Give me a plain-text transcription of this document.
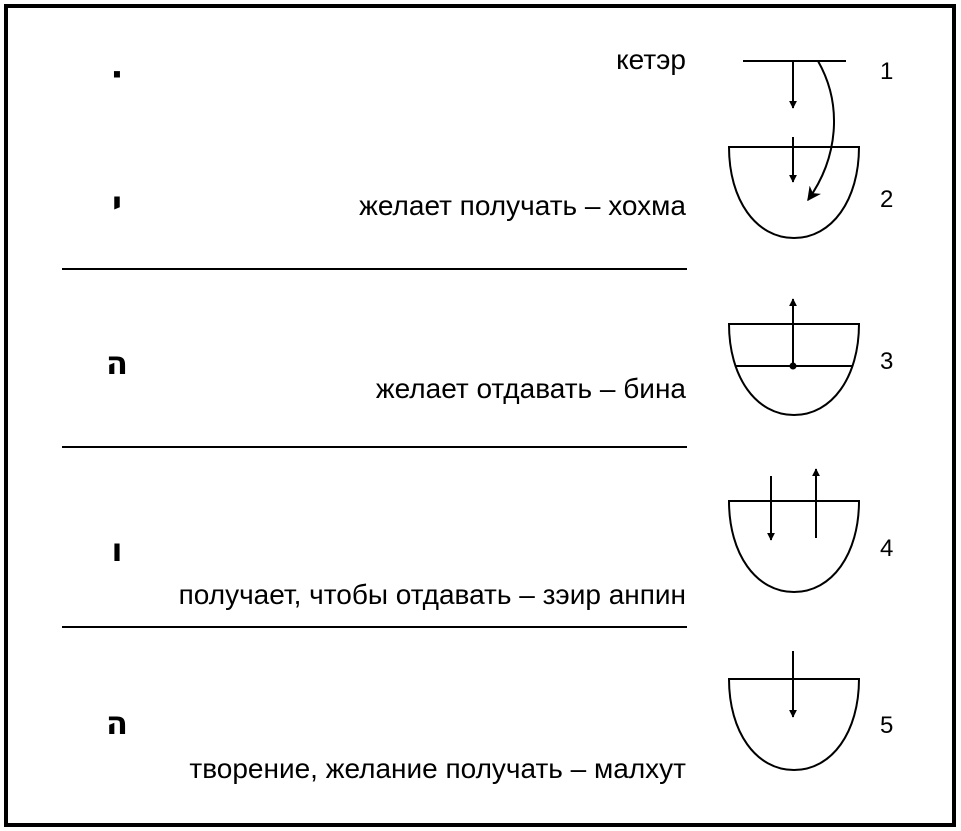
·
י
ה
ו
ה
кетэр
желает получать – хохма
желает отдавать – бина
получает, чтобы отдавать – зэир анпин
творение, желание получать – малхут
1
2
3
4
5
